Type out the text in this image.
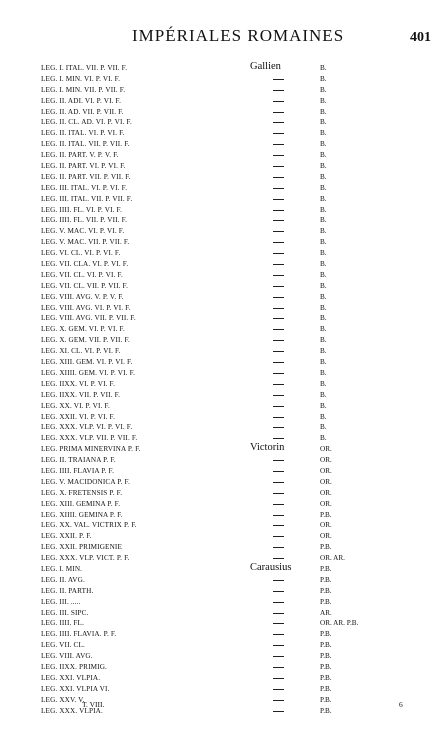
IMPÉRIALES ROMAINES	401
LEG. I. ITAL. VII. P. VII. F.	Gallien	B.
LEG. I. MIN. VI. P. VI. F.	B.
LEG. I. MIN. VII. P. VII. F.	B.
LEG. II. ADI. VI. P. VI. F.	B.
LEG. II. AD. VII. P. VII. F.	B.
LEG. II. CL. AD. VI. P. VI. F.	B.
LEG. II. ITAL. VI. P. VI. F.	B.
LEG. II. ITAL. VII. P. VII. F.	B.
LEG. II. PART. V. P. V. F.	B.
LEG. II. PART. VI. P. VI. F.	B.
LEG. II. PART. VII. P. VII. F.	B.
LEG. III. ITAL. VI. P. VI. F.	B.
LEG. III. ITAL. VII. P. VII. F.	B.
LEG. IIII. FL. VI. P. VI. F.	B.
LEG. IIII. FL. VII. P. VII. F.	B.
LEG. V. MAC. VI. P. VI. F.	B.
LEG. V. MAC. VII. P. VII. F.	B.
LEG. VI. CL. VI. P. VI. F.	B.
LEG. VII. CLA. VI. P. VI. F.	B.
LEG. VII. CL. VI. P. VI. F.	B.
LEG. VII. CL. VII. P. VII. F.	B.
LEG. VIII. AVG. V. P. V. F.	B.
LEG. VIII. AVG. VI. P. VI. F.	B.
LEG. VIII. AVG. VII. P. VII. F.	B.
LEG. X. GEM. VI. P. VI. F.	B.
LEG. X. GEM. VII. P. VII. F.	B.
LEG. XI. CL. VI. P. VI. F.	B.
LEG. XIII. GEM. VI. P. VI. F.	B.
LEG. XIIII. GEM. VI. P. VI. F.	B.
LEG. IIXX. VI. P. VI. F.	B.
LEG. IIXX. VII. P. VII. F.	B.
LEG. XX. VI. P. VI. F.	B.
LEG. XXII. VI. P. VI. F.	B.
LEG. XXX. VLP. VI. P. VI. F.	B.
LEG. XXX. VLP. VII. P. VII. F.	B.
LEG. PRIMA MINERVINA P. F.	Victorin	OR.
LEG. II. TRAIANA P. F.	OR.
LEG. IIII. FLAVIA P. F.	OR.
LEG. V. MACIDONICA P. F.	OR.
LEG. X. FRETENSIS P. F.	OR.
LEG. XIII. GEMINA P. F.	OR.
LEG. XIIII. GEMINA P. F.	P.B.
LEG. XX. VAL. VICTRIX P. F.	OR.
LEG. XXII. P. F.	OR.
LEG. XXII. PRIMIGENIE	P.B.
LEG. XXX. VLP. VICT. P. F.	OR. AR.
LEG. I. MIN.	Carausius	P.B.
LEG. II. AVG.	P.B.
LEG. II. PARTH.	P.B.
LEG. III. .....	P.B.
LEG. III. SIPC.	AR.
LEG. IIII. FL.	OR. AR. P.B.
LEG. IIII. FLAVIA. P. F.	P.B.
LEG. VII. CL.	P.B.
LEG. VIII. AVG.	P.B.
LEG. IIXX. PRIMIG.	P.B.
LEG. XXI. VLPIA.	P.B.
LEG. XXI. VLPIA VI.	P.B.
LEG. XXV. V.	P.B.
LEG. XXX. VLPIA.	P.B.
T. VIII.	6
